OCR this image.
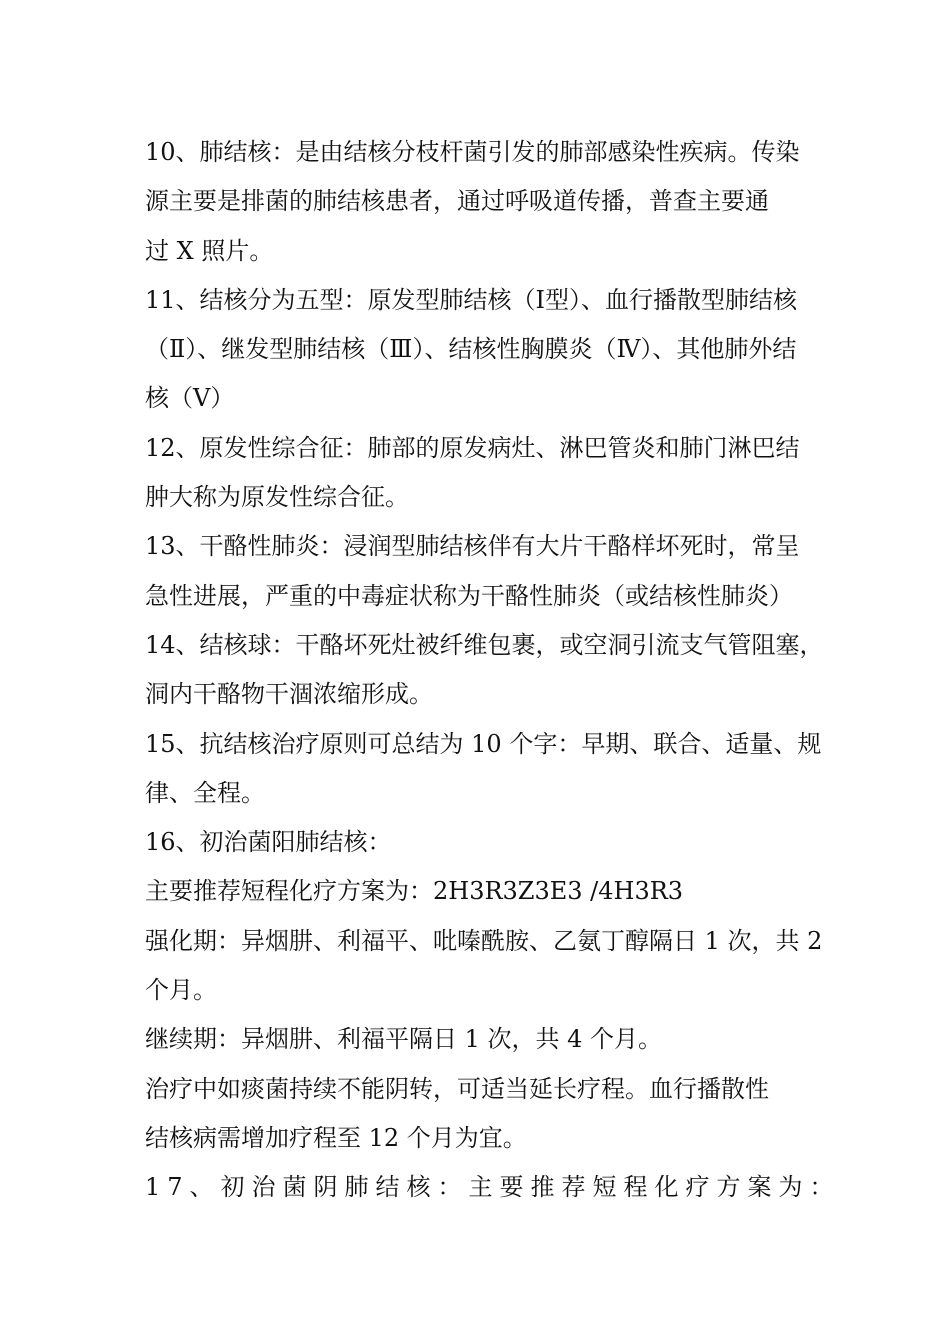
10、肺结核：是由结核分枝杆菌引发的肺部感染性疾病。传染
源主要是排菌的肺结核患者，通过呼吸道传播，普查主要通
过 X 照片。
11、结核分为五型：原发型肺结核（Ⅰ型）、血行播散型肺结核
（Ⅱ）、继发型肺结核（Ⅲ）、结核性胸膜炎（Ⅳ）、其他肺外结
核（Ⅴ）
12、原发性综合征：肺部的原发病灶、淋巴管炎和肺门淋巴结
肿大称为原发性综合征。
13、干酪性肺炎：浸润型肺结核伴有大片干酪样坏死时，常呈
急性进展，严重的中毒症状称为干酪性肺炎（或结核性肺炎）
14、结核球：干酪坏死灶被纤维包裹，或空洞引流支气管阻塞，
洞内干酪物干涸浓缩形成。
15、抗结核治疗原则可总结为 10 个字：早期、联合、适量、规
律、全程。
16、初治菌阳肺结核：
主要推荐短程化疗方案为：2H3R3Z3E3 /4H3R3
强化期：异烟肼、利福平、吡嗪酰胺、乙氨丁醇隔日 1 次，共 2
个月。
继续期：异烟肼、利福平隔日 1 次，共 4 个月。
治疗中如痰菌持续不能阴转，可适当延长疗程。血行播散性
结核病需增加疗程至 12 个月为宜。
17、初治菌阴肺结核：主要推荐短程化疗方案为：
